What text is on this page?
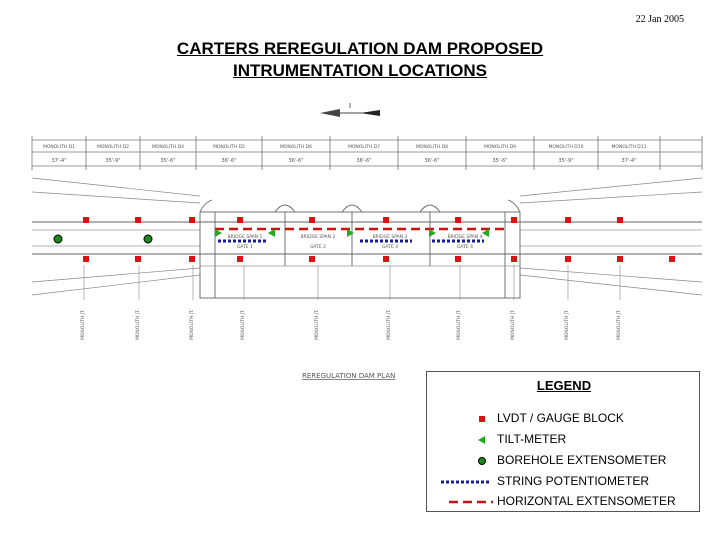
22 Jan 2005
CARTERS REREGULATION DAM PROPOSED
INTRUMENTATION LOCATIONS
MONOLITH D1	MONOLITH D2	MONOLITH D4	MONOLITH D5	MONOLITH D6	MONOLITH D7	MONOLITH D8	MONOLITH D9	MONOLITH D10	MONOLITH D11
37'-4"	35'-9"	35'-6"	36'-6"	36'-6"	36'-6"	36'-6"	35'-6"	35'-9"	37'-4"
BRIDGE SPAN 1
GATE 1
BRIDGE SPAN 2
GATE 2
BRIDGE SPAN 3
GATE 3
BRIDGE SPAN 4
GATE 4
MONOLITH JT.	MONOLITH JT.	MONOLITH JT.	MONOLITH JT.	MONOLITH JT.	MONOLITH JT.	MONOLITH JT.	MONOLITH JT.	MONOLITH JT.	MONOLITH JT.
REREGULATION DAM PLAN
LEGEND
LVDT / GAUGE BLOCK
TILT-METER
BOREHOLE EXTENSOMETER
STRING POTENTIOMETER
HORIZONTAL EXTENSOMETER
